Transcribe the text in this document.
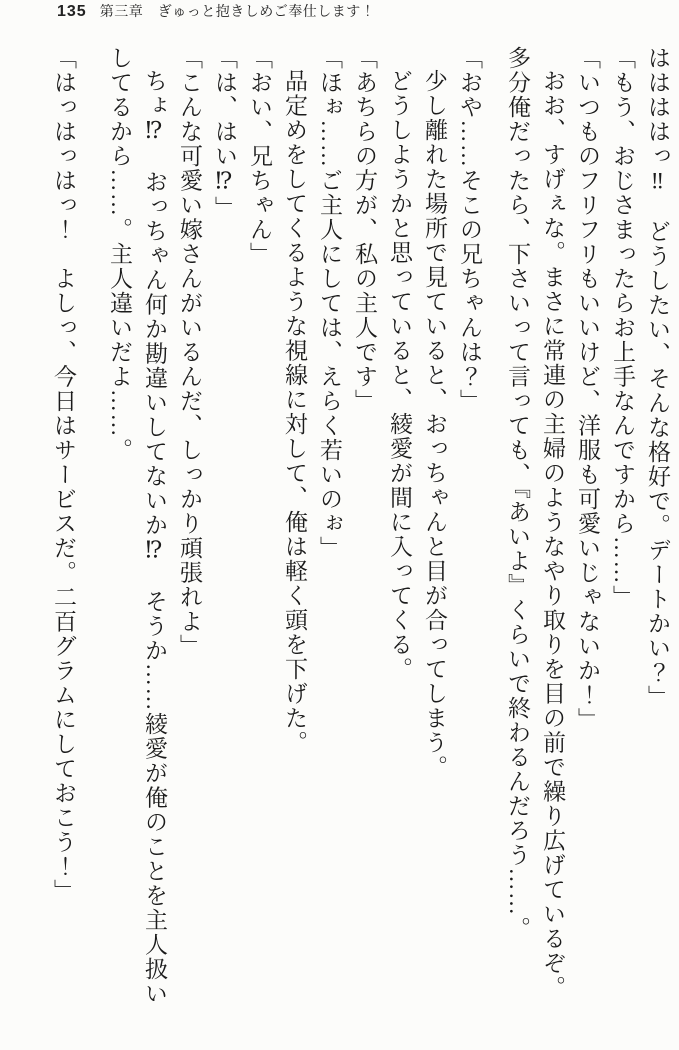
135 第三章　ぎゅっと抱きしめご奉仕します！

ははははっ‼　どうしたい、そんな格好で。デートかい？」

「もう、おじさまったらお上手なんですから……」

「いつものフリフリもいいけど、洋服も可愛いじゃないか！」

おお、すげぇな。まさに常連の主婦のようなやり取りを目の前で繰り広げているぞ。多分俺だったら、下さいって言っても、『あいよ』くらいで終わるんだろう……。

「おや……そこの兄ちゃんは？」

少し離れた場所で見ていると、おっちゃんと目が合ってしまう。

どうしようかと思っていると、綾愛が間に入ってくる。

「あちらの方が、私の主人です」

「ほぉ……ご主人にしては、えらく若いのぉ」

品定めをしてくるような視線に対して、俺は軽く頭を下げた。

「おい、兄ちゃん」

「は、はい⁉」

「こんな可愛い嫁さんがいるんだ、しっかり頑張れよ」

ちょ⁉　おっちゃん何か勘違いしてないか⁉　そうか……綾愛が俺のことを主人扱いしてるから……。主人違いだよ……。

「はっはっはっ！　よしっ、今日はサービスだ。二百グラムにしておこう！」
